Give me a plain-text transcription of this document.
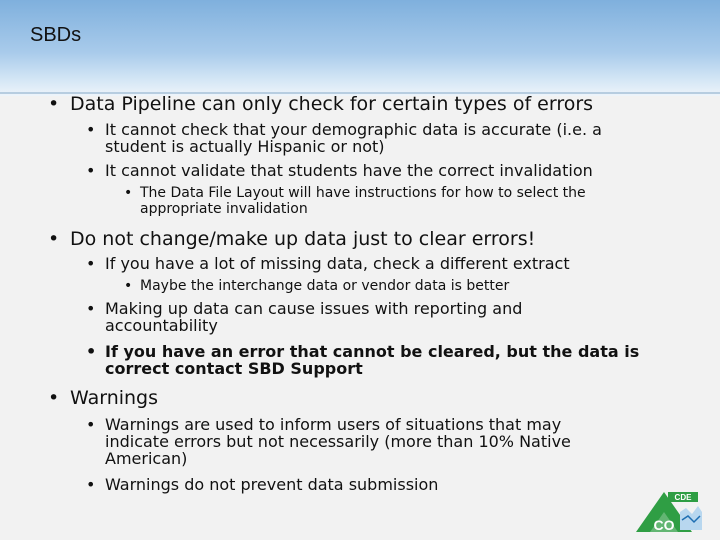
SBDs
• Data Pipeline can only check for certain types of errors
• It cannot check that your demographic data is accurate (i.e. a student is actually Hispanic or not)
• It cannot validate that students have the correct invalidation
• The Data File Layout will have instructions for how to select the appropriate invalidation
• Do not change/make up data just to clear errors!
• If you have a lot of missing data, check a different extract
• Maybe the interchange data or vendor data is better
• Making up data can cause issues with reporting and accountability
• If you have an error that cannot be cleared, but the data is correct contact SBD Support
• Warnings
• Warnings are used to inform users of situations that may indicate errors but not necessarily (more than 10% Native American)
• Warnings do not prevent data submission
CDE
CO
